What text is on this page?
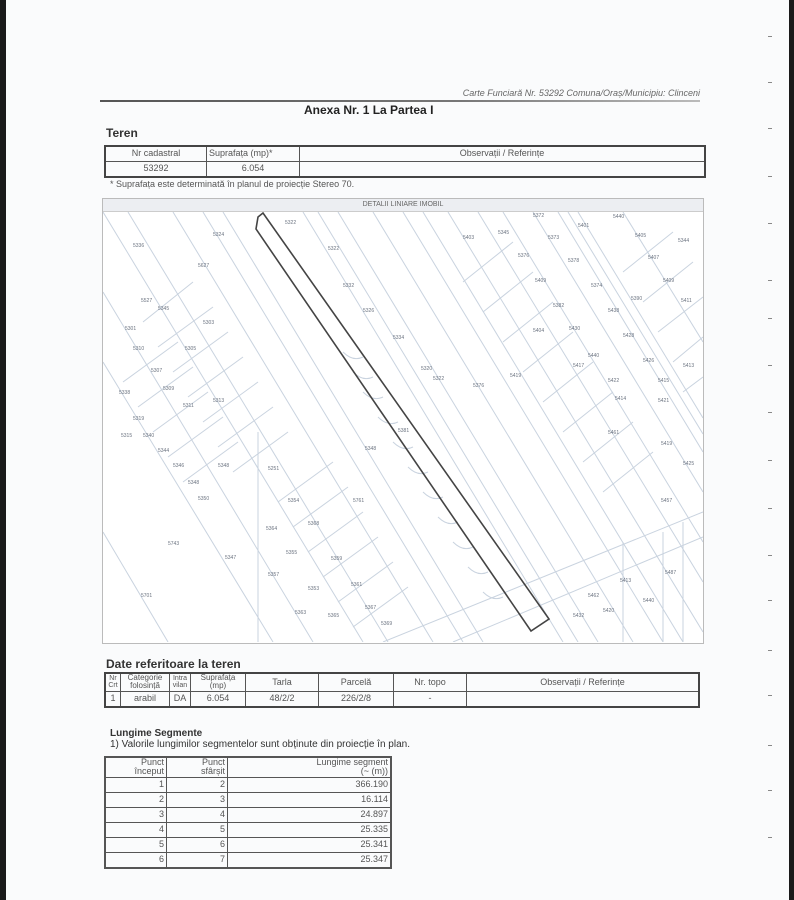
Carte Funciară Nr. 53292 Comuna/Oraș/Municipiu: Clinceni
Anexa Nr. 1 La Partea I
Teren
Nr cadastral	Suprafața (mp)*	Observații / Referințe
53292	6.054	
* Suprafața este determinată în planul de proiecție Stereo 70.
DETALII LINIARE IMOBIL
5324
5322
5322
5332
5326
5334
5336
5627
5527
5345
5303
5301
5305
5310
5307
5309
5311
5313
5338
5319
5315 5340
5344
5346	5348	5251
5348
5350	5354	5761
5364
5368
5743
5347
5355
5357
5359
5353
5361
5363	5365
5367
5369
5701
5372
5403
5345
5373
5401
5440
5405
5344
5376
5378	5407
5409
5374
5409
5390	5411
5382
5438
5404	5430
5428
5413
5440
5426
5422	5415
5414
5417
5421
5461
5419
5425
5457
5419
5376
5320
5322
5381
5348
5487
5413
5462
5420
5440
5432
Date referitoare la teren
Nr Crt	Categorie folosință	Intra vilan	Suprafața (mp)	Tarla	Parcelă	Nr. topo	Observații / Referințe
1	arabil	DA	6.054	48/2/2	226/2/8	-	
Lungime Segmente
1) Valorile lungimilor segmentelor sunt obținute din proiecție în plan.
Punct
început	Punct
sfârșit	Lungime segment
(~ (m))
1	2	366.190
2	3	16.114
3	4	24.897
4	5	25.335
5	6	25.341
6	7	25.347
